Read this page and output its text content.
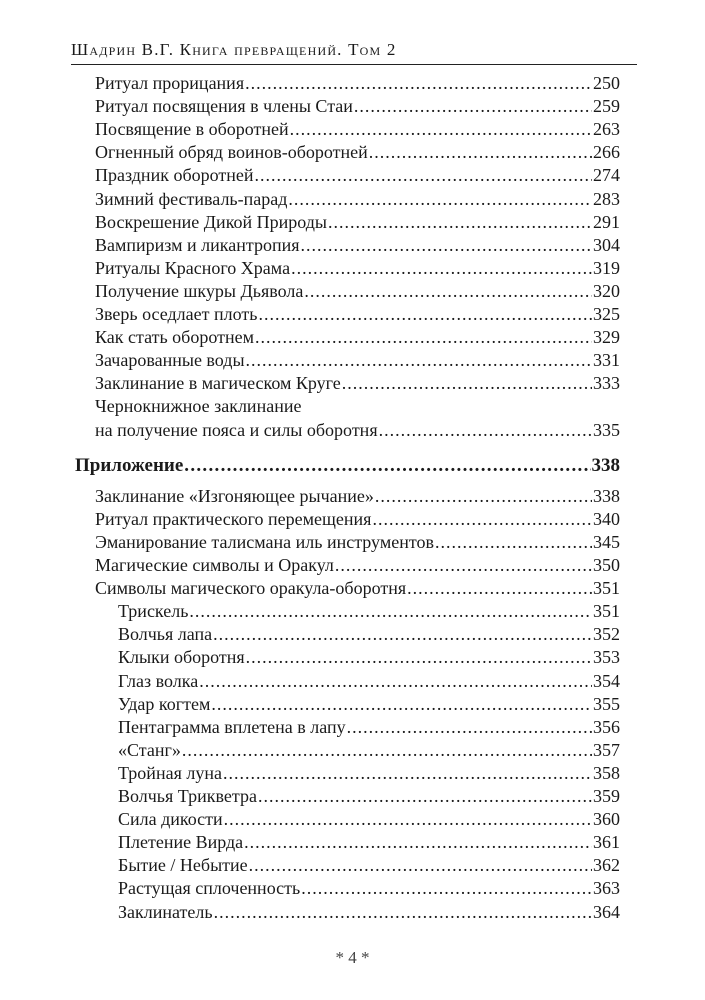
Шадрин В.Г. Книга превращений. Том 2
Ритуал прорицания .....	250
Ритуал посвящения в члены Стаи .....	259
Посвящение в оборотней .....	263
Огненный обряд воинов-оборотней .....	266
Праздник оборотней .....	274
Зимний фестиваль-парад .....	283
Воскрешение Дикой Природы .....	291
Вампиризм и ликантропия .....	304
Ритуалы Красного Храма .....	319
Получение шкуры Дьявола .....	320
Зверь оседлает плоть .....	325
Как стать оборотнем .....	329
Зачарованные воды .....	331
Заклинание в магическом Круге .....	333
Чернокнижное заклинание
на получение пояса и силы оборотня .....	335
Приложение .....	338
Заклинание «Изгоняющее рычание» .....	338
Ритуал практического перемещения .....	340
Эманирование талисмана иль инструментов .....	345
Магические символы и Оракул .....	350
Символы магического оракула-оборотня .....	351
Трискель .....	351
Волчья лапа .....	352
Клыки оборотня .....	353
Глаз волка .....	354
Удар когтем .....	355
Пентаграмма вплетена в лапу .....	356
«Станг» .....	357
Тройная луна .....	358
Волчья Трикветра .....	359
Сила дикости .....	360
Плетение Вирда .....	361
Бытие / Небытие .....	362
Растущая сплоченность .....	363
Заклинатель .....	364
* 4 *
